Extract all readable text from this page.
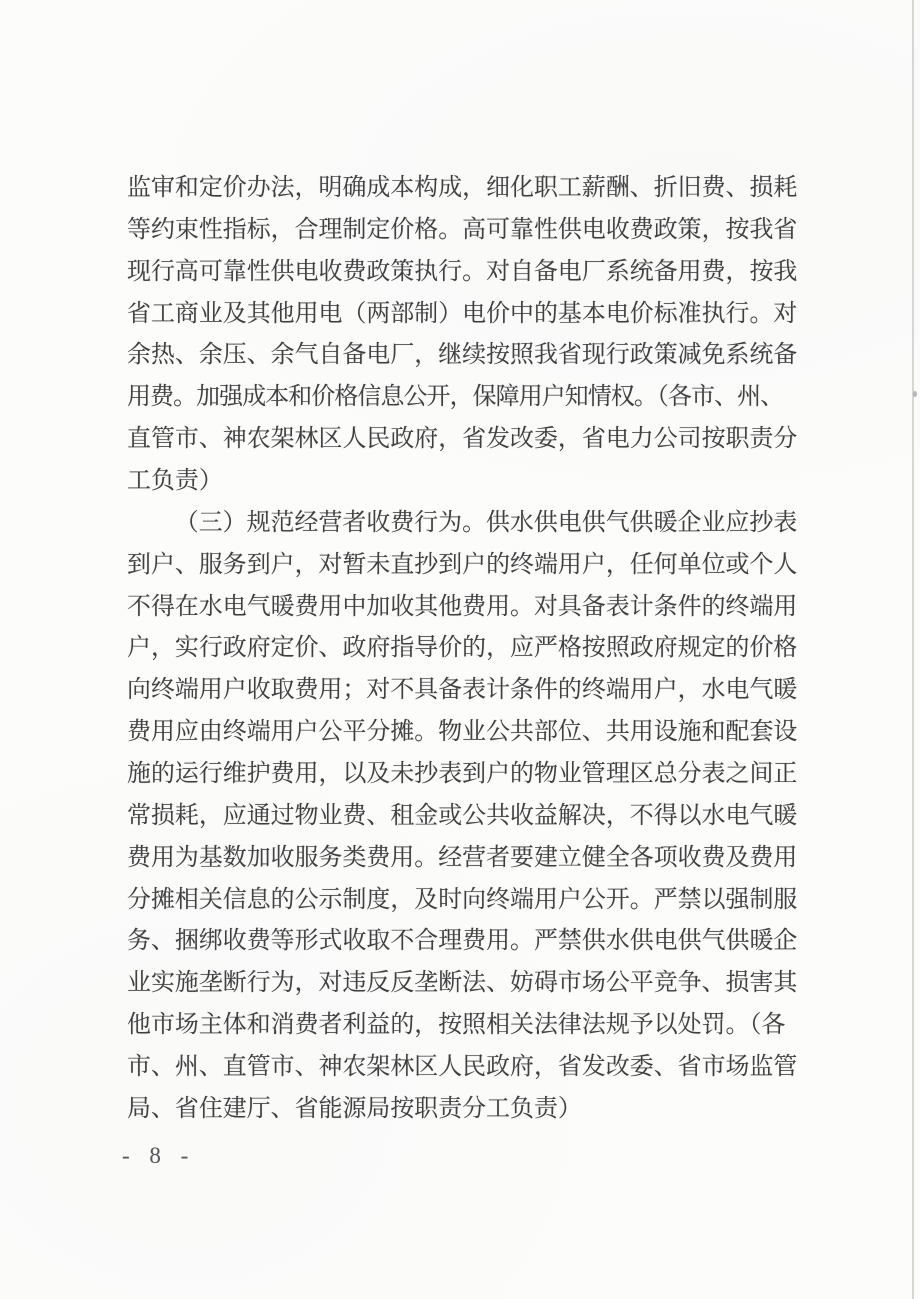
监审和定价办法，明确成本构成，细化职工薪酬、折旧费、损耗
等约束性指标，合理制定价格。高可靠性供电收费政策，按我省
现行高可靠性供电收费政策执行。对自备电厂系统备用费，按我
省工商业及其他用电（两部制）电价中的基本电价标准执行。对
余热、余压、余气自备电厂，继续按照我省现行政策减免系统备
用费。加强成本和价格信息公开，保障用户知情权。（各市、州、
直管市、神农架林区人民政府，省发改委，省电力公司按职责分
工负责）
（三）规范经营者收费行为。供水供电供气供暖企业应抄表
到户、服务到户，对暂未直抄到户的终端用户，任何单位或个人
不得在水电气暖费用中加收其他费用。对具备表计条件的终端用
户，实行政府定价、政府指导价的，应严格按照政府规定的价格
向终端用户收取费用；对不具备表计条件的终端用户，水电气暖
费用应由终端用户公平分摊。物业公共部位、共用设施和配套设
施的运行维护费用，以及未抄表到户的物业管理区总分表之间正
常损耗，应通过物业费、租金或公共收益解决，不得以水电气暖
费用为基数加收服务类费用。经营者要建立健全各项收费及费用
分摊相关信息的公示制度，及时向终端用户公开。严禁以强制服
务、捆绑收费等形式收取不合理费用。严禁供水供电供气供暖企
业实施垄断行为，对违反反垄断法、妨碍市场公平竞争、损害其
他市场主体和消费者利益的，按照相关法律法规予以处罚。（各
市、州、直管市、神农架林区人民政府，省发改委、省市场监管
局、省住建厅、省能源局按职责分工负责）
- 8 -
